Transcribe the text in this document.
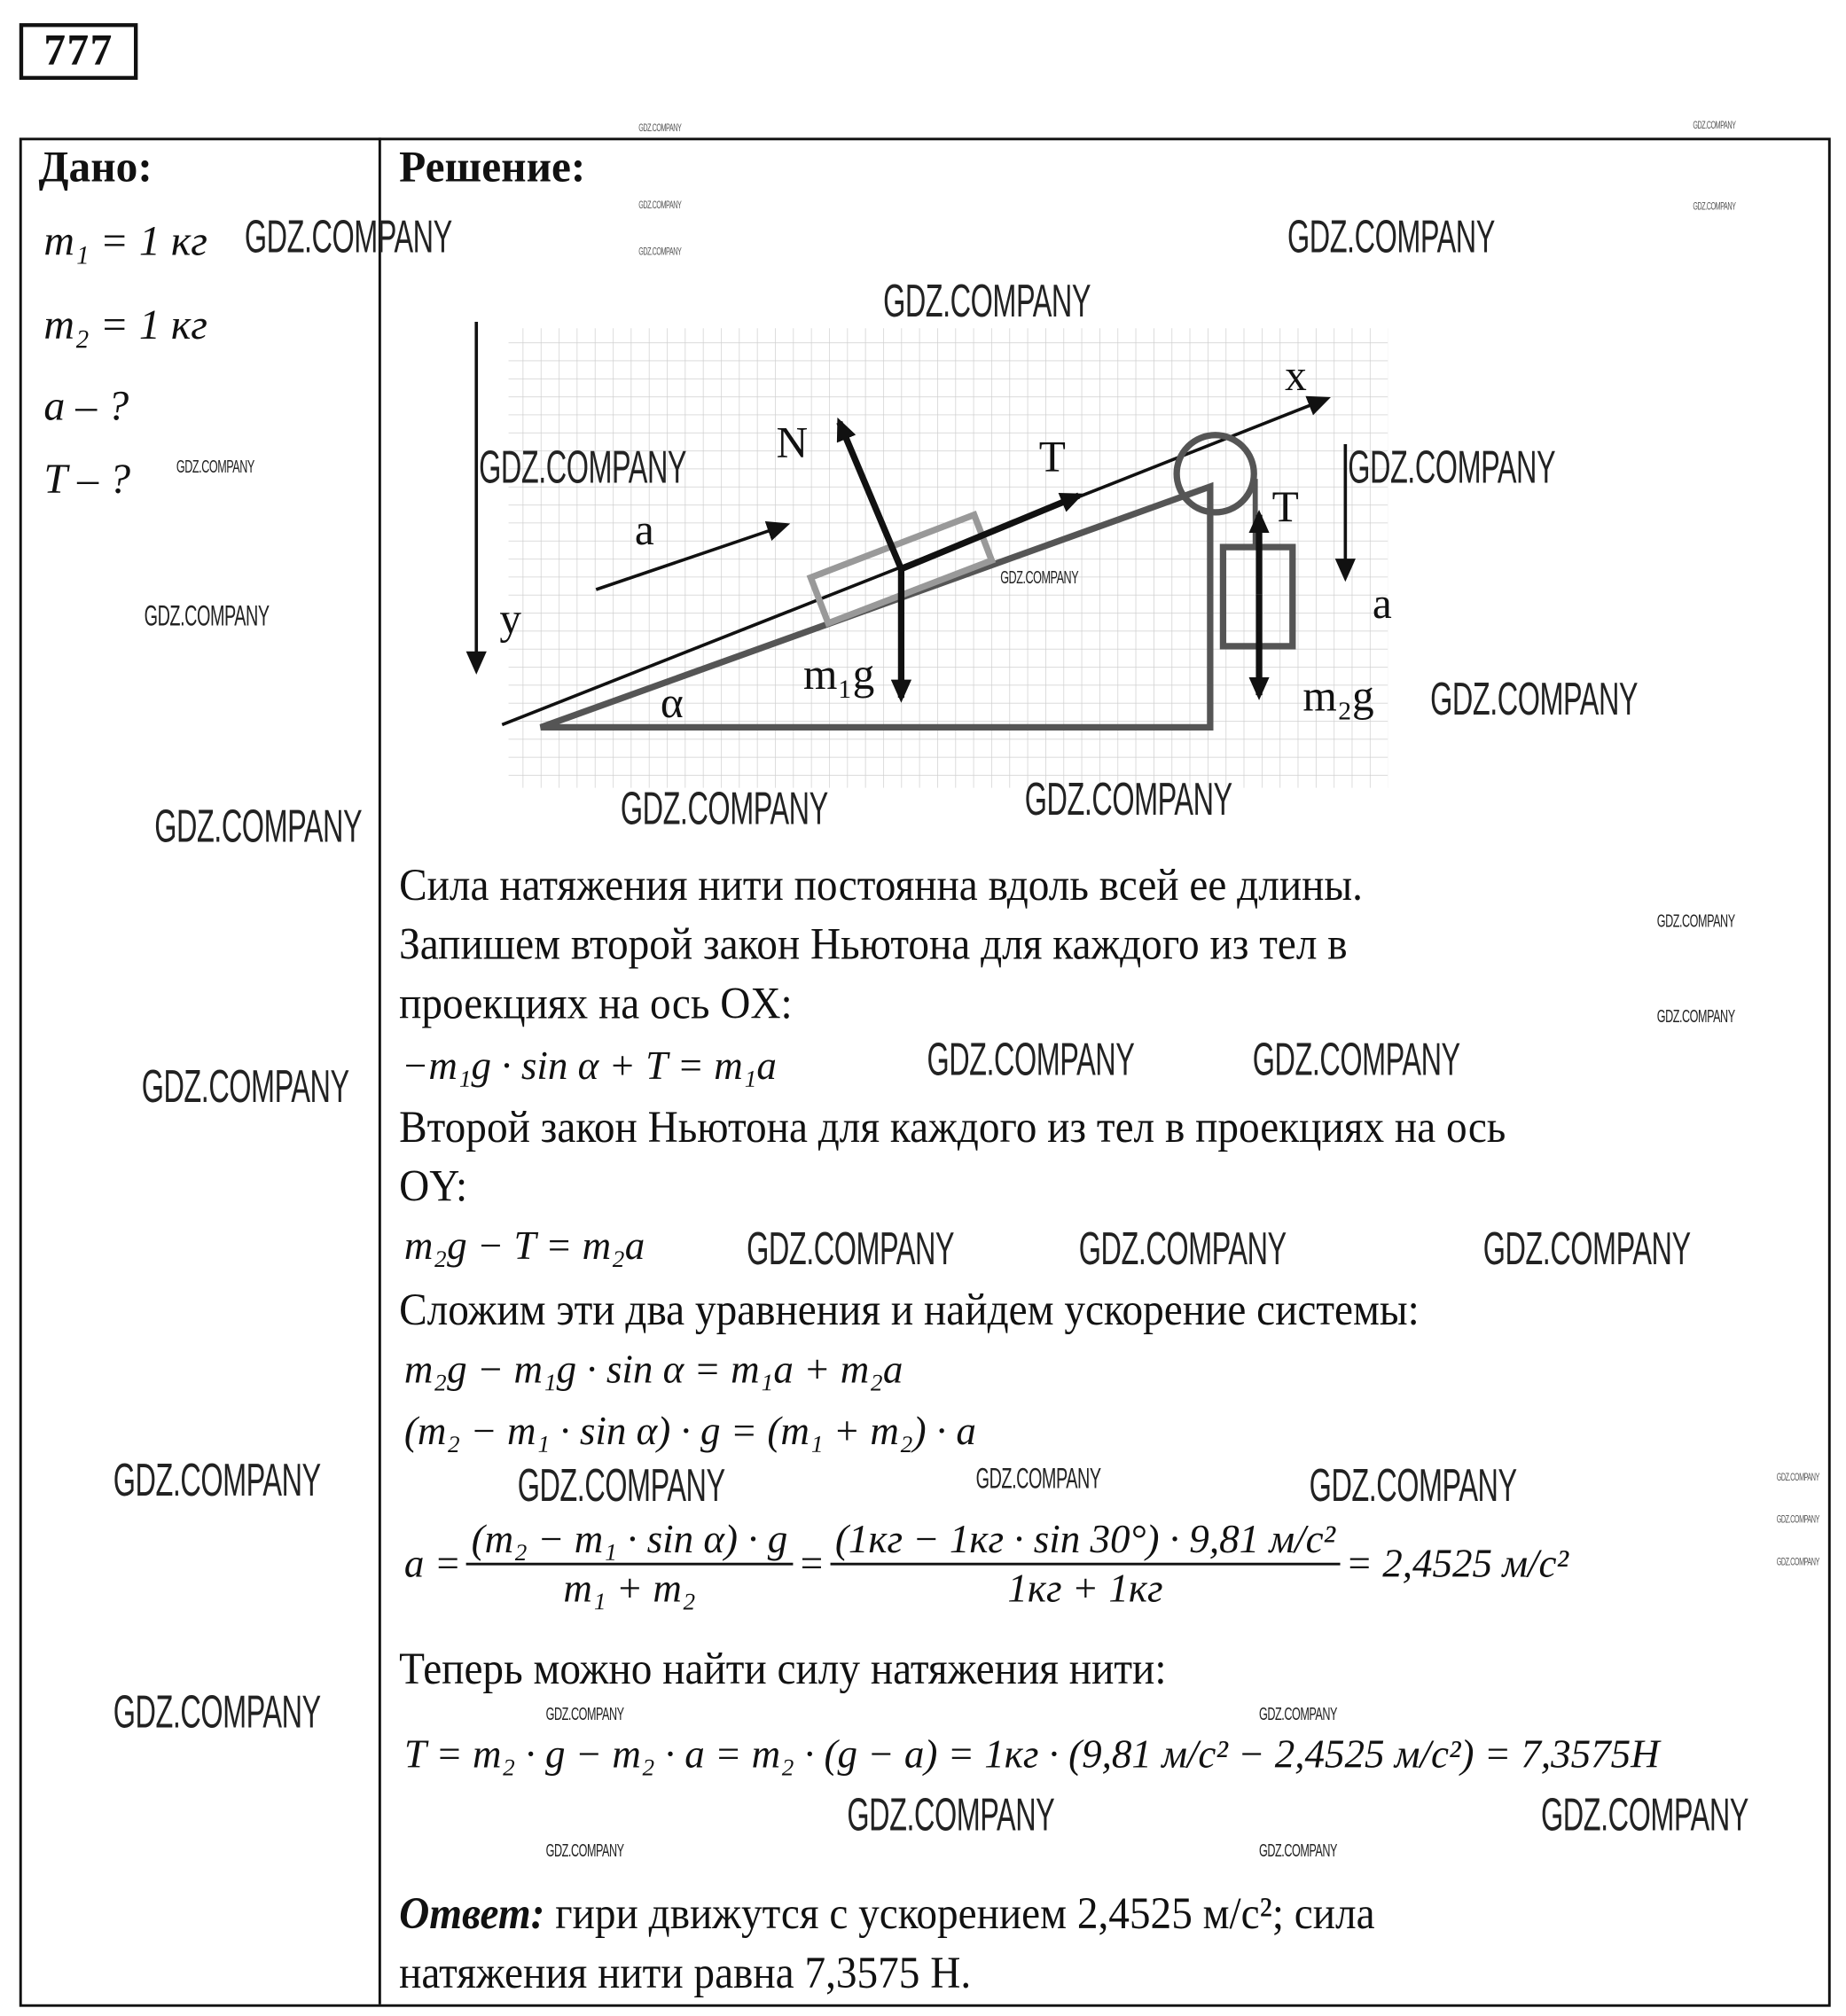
777
Дано:
m₁ = 1 кг
m₂ = 1 кг
a – ?
T – ?
Решение:
x
y
N	T
T
a
a
m₁g	m₂g
α
Сила натяжения нити постоянна вдоль всей ее длины.
Запишем второй закон Ньютона для каждого из тел в
проекциях на ось OX:
−m₁g · sin α + T = m₁a
Второй закон Ньютона для каждого из тел в проекциях на ось
OY:
m₂g − T = m₂a
Сложим эти два уравнения и найдем ускорение системы:
m₂g − m₁g · sin α = m₁a + m₂a
(m₂ − m₁ · sin α) · g = (m₁ + m₂) · a
$a = \frac{\text{(m₂ − m₁ · sin α) · g}}{\text{m₁ + m₂}} = \frac{\text{(1кг − 1кг · sin 30°) · 9,81 м/с²}}{1кг + 1кг} = 2,4525$ м/с²
Теперь можно найти силу натяжения нити:
T = m₂ · g − m₂ · a = m₂ · (g − a) = 1кг · (9,81 м/с² − 2,4525 м/с²) = 7,3575H
Ответ: гири движутся с ускорением 2,4525 м/с²; сила
натяжения нити равна 7,3575 Н.
GDZ.COMPANY	GDZ.COMPANY
GDZ.COMPANY
GDZ.COMPANY	GDZ.COMPANY
GDZ.COMPANY
GDZ.COMPANY	GDZ.COMPANY
GDZ.COMPANY
GDZ.COMPANY	GDZ.COMPANY
GDZ.COMPANY
GDZ.COMPANY	GDZ.COMPANY	GDZ.COMPANY
GDZ.COMPANY	GDZ.COMPANY	GDZ.COMPANY
GDZ.COMPANY
GDZ.COMPANY	GDZ.COMPANY
GDZ.COMPANY
GDZ.COMPANY
GDZ.COMPANY
GDZ.COMPANY
GDZ.COMPANY
GDZ.COMPANY
GDZ.COMPANY
GDZ.COMPANY
GDZ.COMPANY
GDZ.COMPANY
GDZ.COMPANY
GDZ.COMPANY
GDZ.COMPANY
GDZ.COMPANY
GDZ.COMPANY
GDZ.COMPANY
GDZ.COMPANY
GDZ.COMPANY
